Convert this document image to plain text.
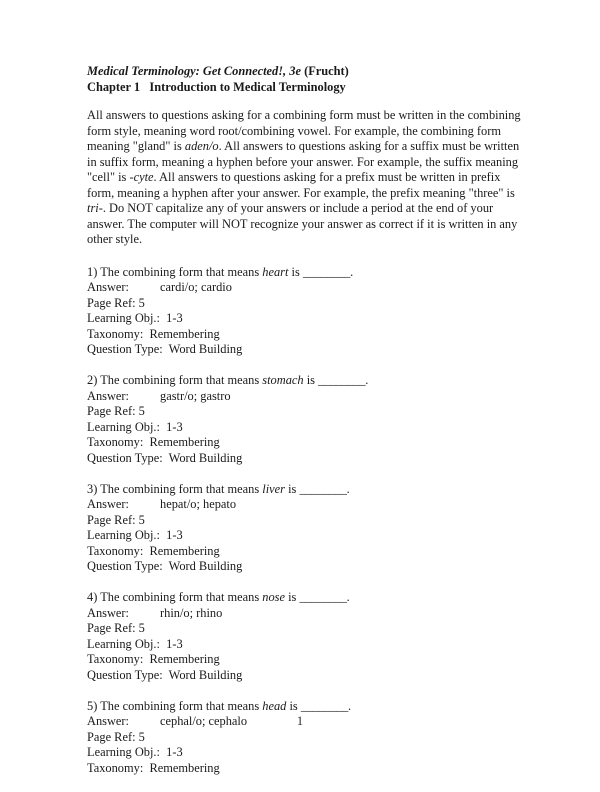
Medical Terminology: Get Connected!, 3e (Frucht)
Chapter 1   Introduction to Medical Terminology
All answers to questions asking for a combining form must be written in the combining form style, meaning word root/combining vowel. For example, the combining form meaning "gland" is aden/o. All answers to questions asking for a suffix must be written in suffix form, meaning a hyphen before your answer. For example, the suffix meaning "cell" is -cyte. All answers to questions asking for a prefix must be written in prefix form, meaning a hyphen after your answer. For example, the prefix meaning "three" is tri-. Do NOT capitalize any of your answers or include a period at the end of your answer. The computer will NOT recognize your answer as correct if it is written in any other style.
1) The combining form that means heart is ________.
Answer:	cardi/o; cardio
Page Ref: 5
Learning Obj.:  1-3
Taxonomy:  Remembering
Question Type:  Word Building
2) The combining form that means stomach is ________.
Answer:	gastr/o; gastro
Page Ref: 5
Learning Obj.:  1-3
Taxonomy:  Remembering
Question Type:  Word Building
3) The combining form that means liver is ________.
Answer:	hepat/o; hepato
Page Ref: 5
Learning Obj.:  1-3
Taxonomy:  Remembering
Question Type:  Word Building
4) The combining form that means nose is ________.
Answer:	rhin/o; rhino
Page Ref: 5
Learning Obj.:  1-3
Taxonomy:  Remembering
Question Type:  Word Building
5) The combining form that means head is ________.
Answer:	cephal/o; cephalo
Page Ref: 5
Learning Obj.:  1-3
Taxonomy:  Remembering
1
